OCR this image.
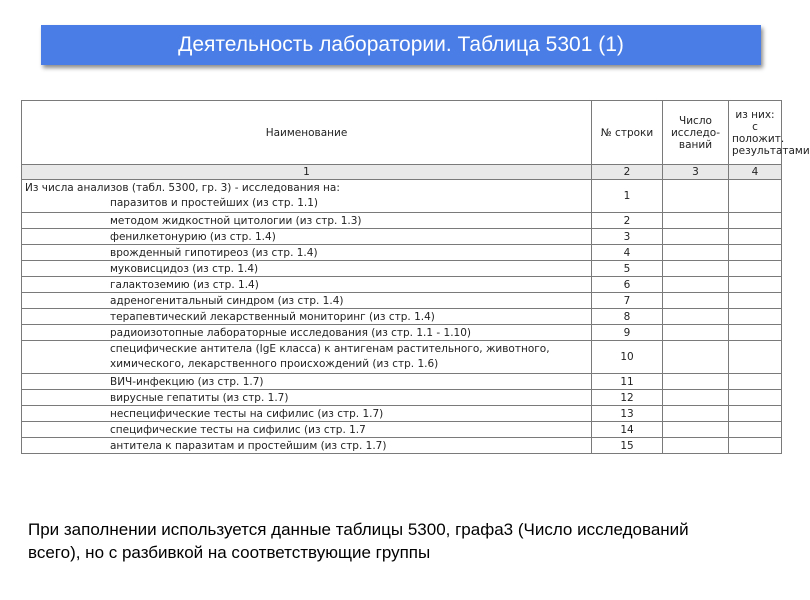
Деятельность лаборатории. Таблица 5301 (1)
Наименование	№ строки	Число исследо-ваний	из них: с положит. результатами
1	2	3	4
Из числа анализов (табл. 5300, гр. 3) - исследования на:
паразитов и простейших (из стр. 1.1)	1		
методом жидкостной цитологии (из стр. 1.3)	2		
фенилкетонурию (из стр. 1.4)	3		
врожденный гипотиреоз (из стр. 1.4)	4		
муковисцидоз (из стр. 1.4)	5		
галактоземию (из стр. 1.4)	6		
адреногенитальный синдром (из стр. 1.4)	7		
терапевтический лекарственный мониторинг (из стр. 1.4)	8		
радиоизотопные лабораторные исследования (из стр. 1.1 - 1.10)	9		
специфические антитела (IgE класса) к антигенам растительного, животного, химического, лекарственного происхождений (из стр. 1.6)	10		
ВИЧ-инфекцию (из стр. 1.7)	11		
вирусные гепатиты (из стр. 1.7)	12		
неспецифические тесты на сифилис (из стр. 1.7)	13		
специфические тесты на сифилис (из стр. 1.7	14		
антитела к паразитам и простейшим (из стр. 1.7)	15		
При заполнении используется данные таблицы 5300, графа3 (Число исследований всего), но с разбивкой на соответствующие группы
